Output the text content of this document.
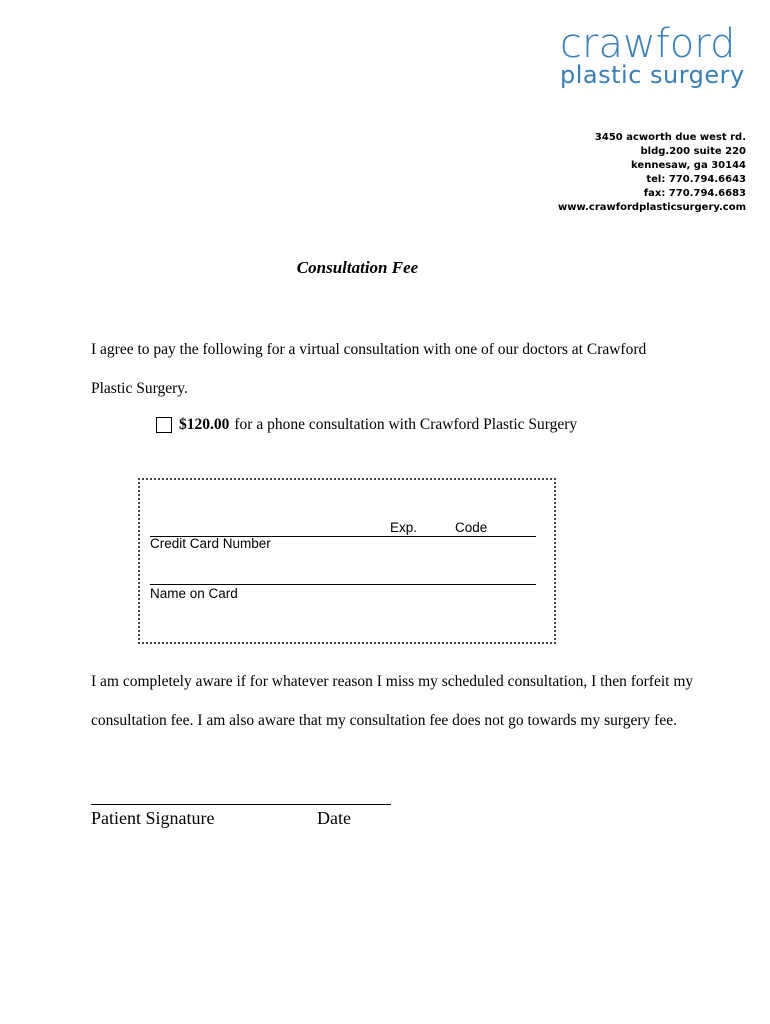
crawford
plastic surgery
3450 acworth due west rd.
bldg.200 suite 220
kennesaw, ga 30144
tel: 770.794.6643
fax: 770.794.6683
www.crawfordplasticsurgery.com
Consultation Fee
I agree to pay the following for a virtual consultation with one of our doctors at Crawford Plastic Surgery.
$120.00 for a phone consultation with Crawford Plastic Surgery
Exp.	Code
Credit Card Number
Name on Card
I am completely aware if for whatever reason I miss my scheduled consultation, I then forfeit my consultation fee. I am also aware that my consultation fee does not go towards my surgery fee.
Patient Signature	Date
